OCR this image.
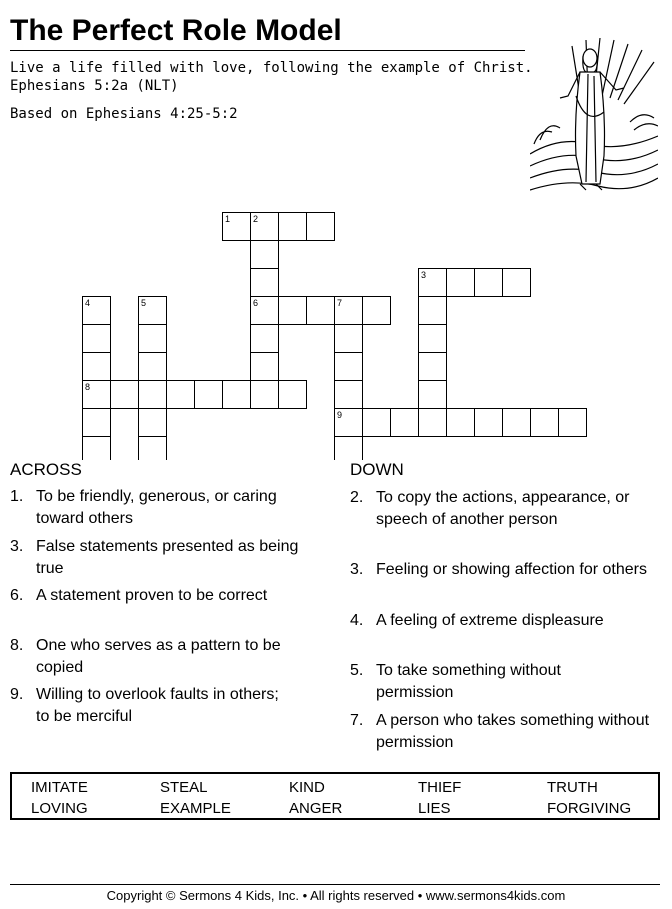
The Perfect Role Model
Live a life filled with love, following the example of Christ.
Ephesians 5:2a (NLT)
Based on Ephesians 4:25-5:2
1	2
3
4	5	6	7
8
9
ACROSS	DOWN
1. To be friendly, generous, or caring toward others
3. False statements presented as being true
6. A statement proven to be correct
8. One who serves as a pattern to be copied
9. Willing to overlook faults in others; to be merciful
2. To copy the actions, appearance, or speech of another person
3. Feeling or showing affection for others
4. A feeling of extreme displeasure
5. To take something without permission
7. A person who takes something without permission
IMITATE
LOVING
STEAL
EXAMPLE
KIND
ANGER
THIEF
LIES
TRUTH
FORGIVING
Copyright © Sermons 4 Kids, Inc. • All rights reserved • www.sermons4kids.com
